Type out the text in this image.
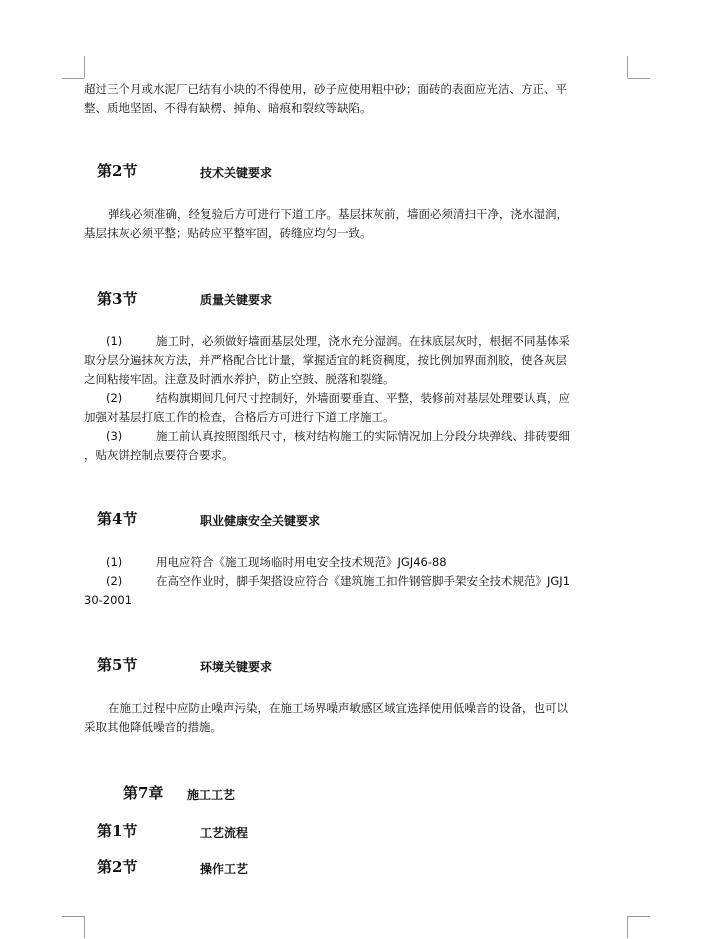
超过三个月或水泥厂已结有小块的不得使用，砂子应使用粗中砂；面砖的表面应光洁、方正、平

整、质地坚固、不得有缺楞、掉角、暗痕和裂纹等缺陷。

第2节	技术关键要求

弹线必须准确，经复验后方可进行下道工序。基层抹灰前，墙面必须清扫干净，浇水湿润，

基层抹灰必须平整；贴砖应平整牢固，砖缝应均匀一致。

第3节	质量关键要求

(1)	施工时，必须做好墙面基层处理，浇水充分湿润。在抹底层灰时，根据不同基体采

取分层分遍抹灰方法，并严格配合比计量，掌握适宜的耗资稠度，按比例加界面剂胶，使各灰层

之间粘接牢固。注意及时洒水养护，防止空鼓、脱落和裂缝。

(2)	结构旗期间几何尺寸控制好，外墙面要垂直、平整，装修前对基层处理要认真，应

加强对基层打底工作的检查，合格后方可进行下道工序施工。

(3)	施工前认真按照图纸尺寸，核对结构施工的实际情况加上分段分块弹线、排砖要细

，贴灰饼控制点要符合要求。

第4节	职业健康安全关键要求

(1)	用电应符合《施工现场临时用电安全技术规范》JGJ46-88

(2)	在高空作业时，脚手架搭设应符合《建筑施工扣件钢管脚手架安全技术规范》JGJ1

30-2001

第5节	环境关键要求

在施工过程中应防止噪声污染，在施工场界噪声敏感区域宜选择使用低噪音的设备，也可以

采取其他降低噪音的措施。

第7章 施工工艺
第1节	工艺流程
第2节	操作工艺
